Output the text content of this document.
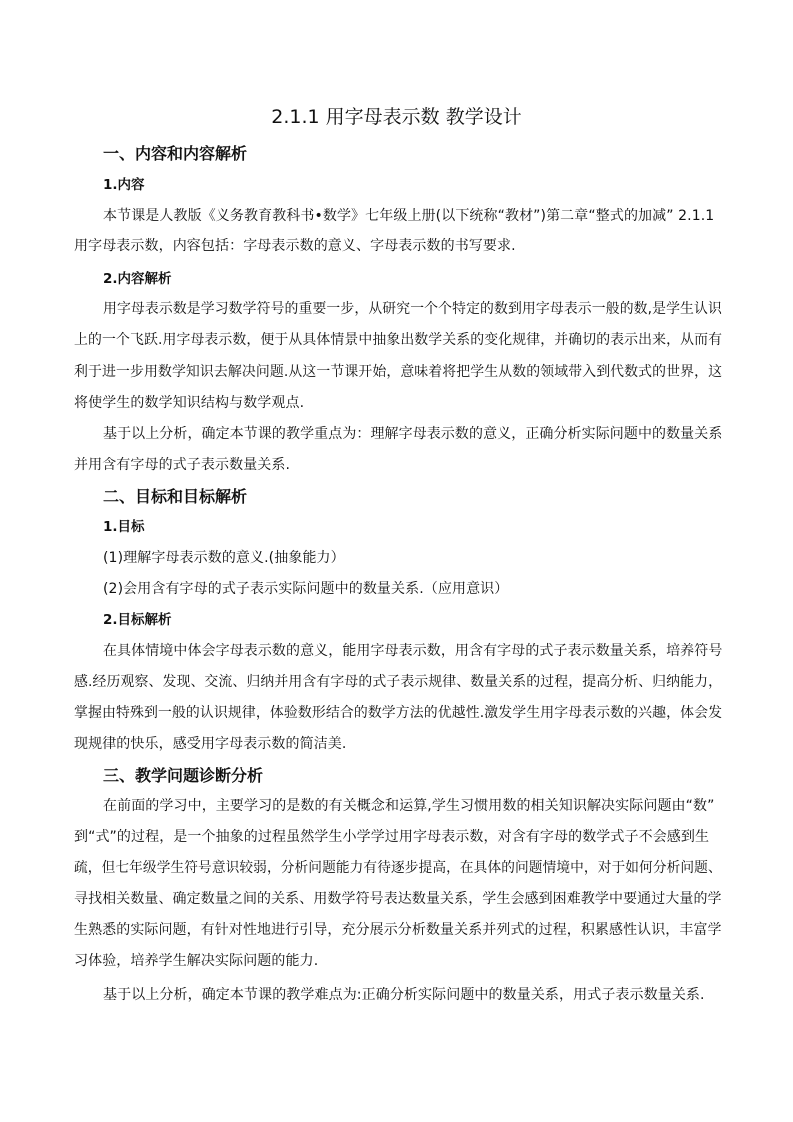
2.1.1 用字母表示数 教学设计
一、内容和内容解析
1.内容
本节课是人教版《义务教育教科书•数学》七年级上册(以下统称“教材”)第二章“整式的加减” 2.1.1
用字母表示数，内容包括：字母表示数的意义、字母表示数的书写要求.
2.内容解析
用字母表示数是学习数学符号的重要一步，从研究一个个特定的数到用字母表示一般的数,是学生认识
上的一个飞跃.用字母表示数，便于从具体情景中抽象出数学关系的变化规律，并确切的表示出来，从而有
利于进一步用数学知识去解决问题.从这一节课开始，意味着将把学生从数的领域带入到代数式的世界，这
将使学生的数学知识结构与数学观点.
基于以上分析，确定本节课的教学重点为：理解字母表示数的意义，正确分析实际问题中的数量关系
并用含有字母的式子表示数量关系.
二、目标和目标解析
1.目标
(1)理解字母表示数的意义.(抽象能力）
(2)会用含有字母的式子表示实际问题中的数量关系.（应用意识）
2.目标解析
在具体情境中体会字母表示数的意义，能用字母表示数，用含有字母的式子表示数量关系，培养符号
感.经历观察、发现、交流、归纳并用含有字母的式子表示规律、数量关系的过程，提高分析、归纳能力，
掌握由特殊到一般的认识规律，体验数形结合的数学方法的优越性.激发学生用字母表示数的兴趣，体会发
现规律的快乐，感受用字母表示数的简洁美.
三、教学问题诊断分析
在前面的学习中，主要学习的是数的有关概念和运算,学生习惯用数的相关知识解决实际问题由“数”
到“式”的过程，是一个抽象的过程虽然学生小学学过用字母表示数，对含有字母的数学式子不会感到生
疏，但七年级学生符号意识较弱，分析问题能力有待逐步提高，在具体的问题情境中，对于如何分析问题、
寻找相关数量、确定数量之间的关系、用数学符号表达数量关系，学生会感到困难教学中要通过大量的学
生熟悉的实际问题，有针对性地进行引导，充分展示分析数量关系并列式的过程，积累感性认识，丰富学
习体验，培养学生解决实际问题的能力.
基于以上分析，确定本节课的教学难点为:正确分析实际问题中的数量关系，用式子表示数量关系.
